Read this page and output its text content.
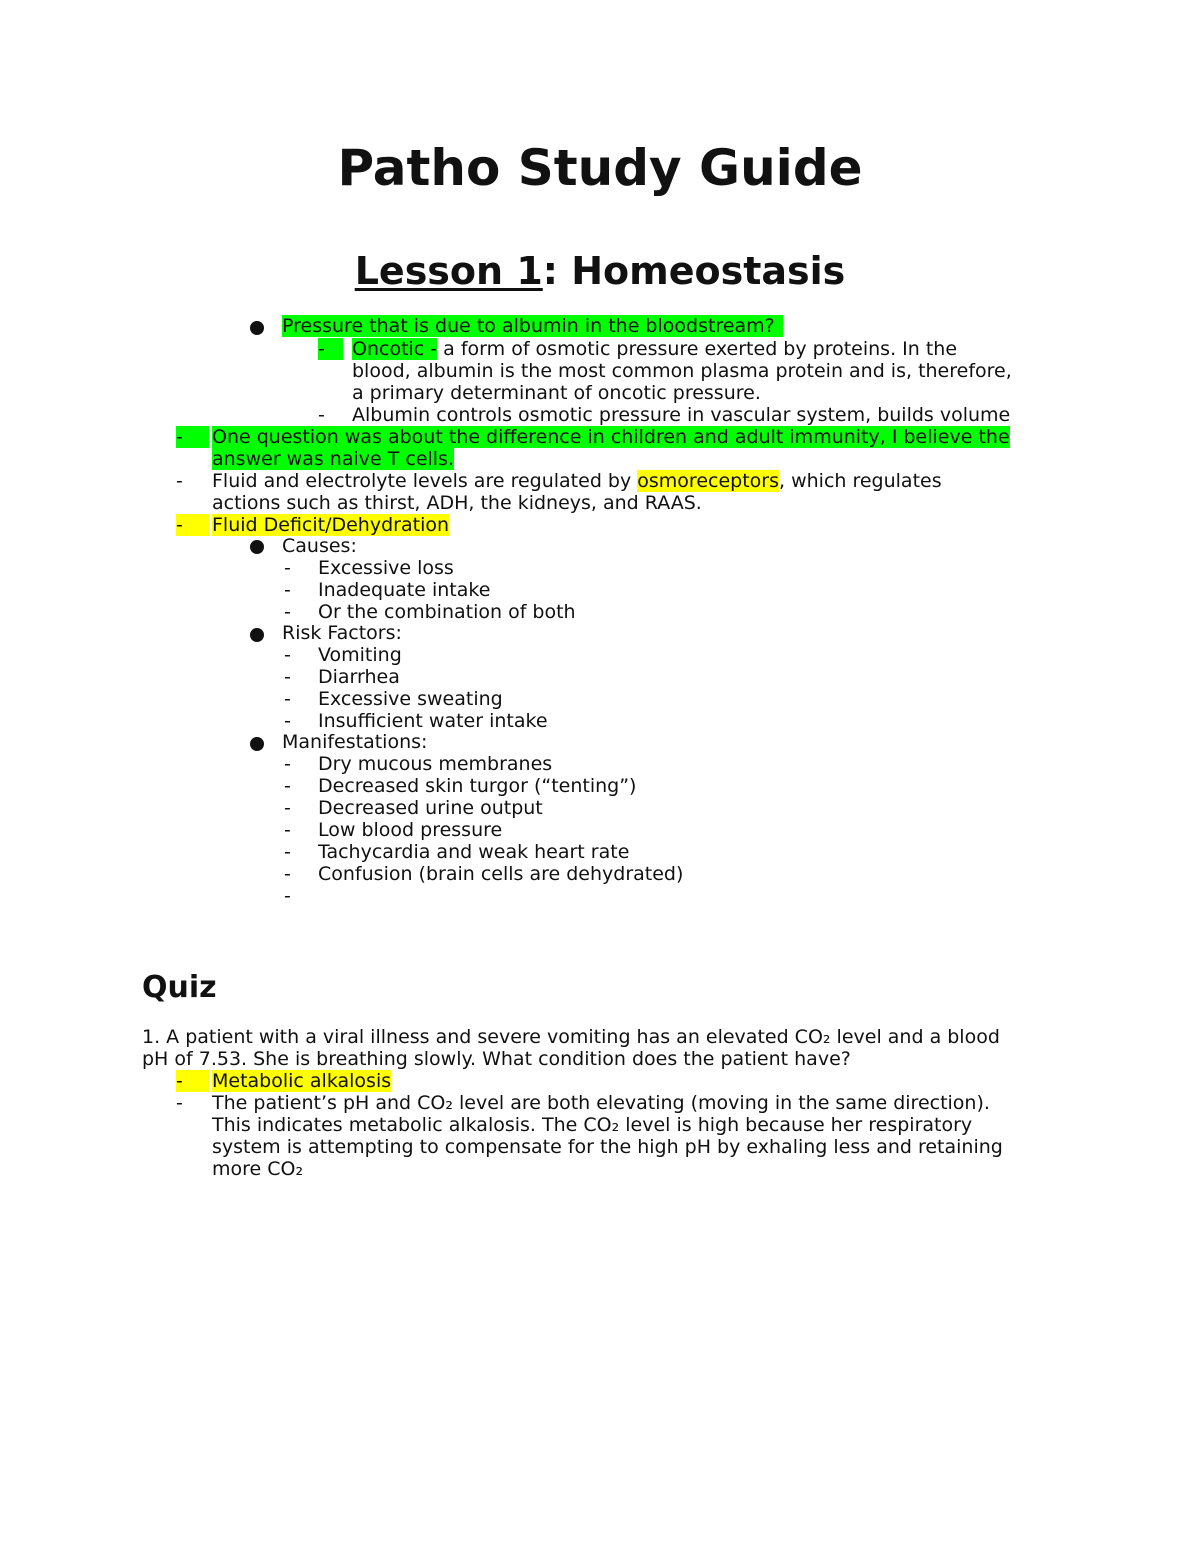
Patho Study Guide
Lesson 1: Homeostasis
Pressure that is due to albumin in the bloodstream?
-	Oncotic - a form of osmotic pressure exerted by proteins. In the
blood, albumin is the most common plasma protein and is, therefore,
a primary determinant of oncotic pressure.
- Albumin controls osmotic pressure in vascular system, builds volume
-	One question was about the difference in children and adult immunity, I believe the
answer was naive T cells.
- Fluid and electrolyte levels are regulated by osmoreceptors, which regulates
actions such as thirst, ADH, the kidneys, and RAAS.
-	Fluid Deficit/Dehydration
Causes:
- Excessive loss
- Inadequate intake
- Or the combination of both
Risk Factors:
- Vomiting
- Diarrhea
- Excessive sweating
- Insufficient water intake
Manifestations:
- Dry mucous membranes
- Decreased skin turgor (“tenting”)
- Decreased urine output
- Low blood pressure
- Tachycardia and weak heart rate
- Confusion (brain cells are dehydrated)
-
Quiz
1. A patient with a viral illness and severe vomiting has an elevated CO₂ level and a blood
pH of 7.53. She is breathing slowly. What condition does the patient have?
-	Metabolic alkalosis
- The patient’s pH and CO₂ level are both elevating (moving in the same direction).
This indicates metabolic alkalosis. The CO₂ level is high because her respiratory
system is attempting to compensate for the high pH by exhaling less and retaining
more CO₂
